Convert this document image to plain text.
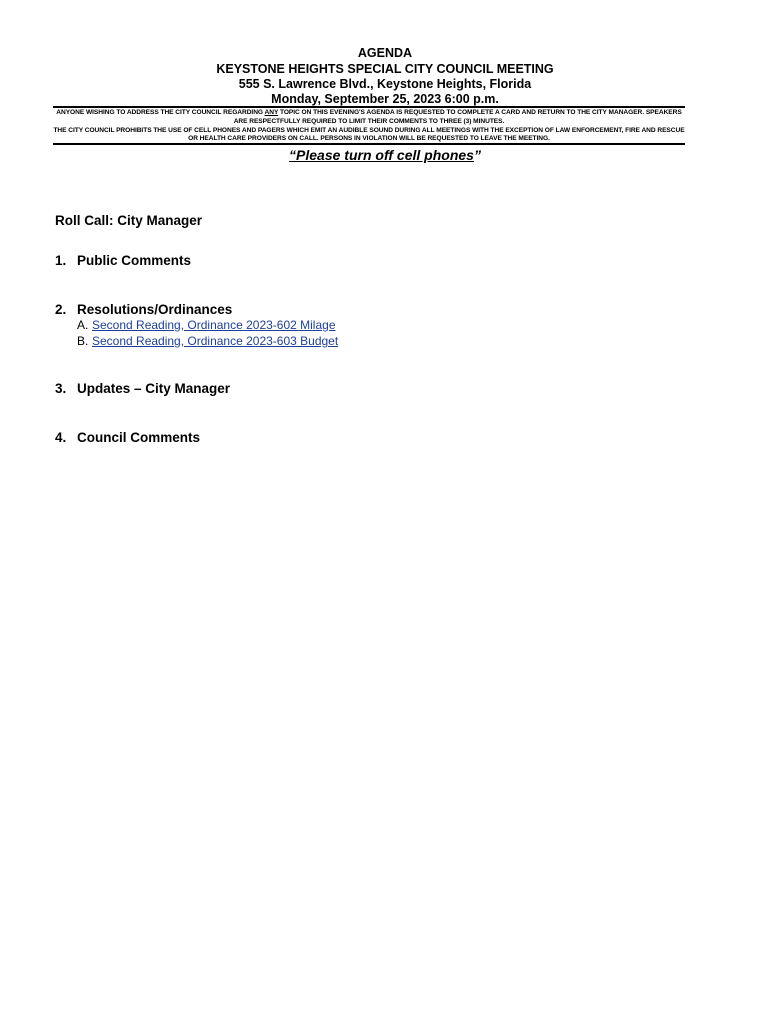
AGENDA
KEYSTONE HEIGHTS SPECIAL CITY COUNCIL MEETING
555 S. Lawrence Blvd., Keystone Heights, Florida
Monday, September 25, 2023 6:00 p.m.
ANYONE WISHING TO ADDRESS THE CITY COUNCIL REGARDING ANY TOPIC ON THIS EVENING'S AGENDA IS REQUESTED TO COMPLETE A CARD AND RETURN TO THE CITY MANAGER. SPEAKERS ARE RESPECTFULLY REQUIRED TO LIMIT THEIR COMMENTS TO THREE (3) MINUTES.
THE CITY COUNCIL PROHIBITS THE USE OF CELL PHONES AND PAGERS WHICH EMIT AN AUDIBLE SOUND DURING ALL MEETINGS WITH THE EXCEPTION OF LAW ENFORCEMENT, FIRE AND RESCUE OR HEALTH CARE PROVIDERS ON CALL. PERSONS IN VIOLATION WILL BE REQUESTED TO LEAVE THE MEETING.
“Please turn off cell phones”
Roll Call: City Manager
1. Public Comments
2. Resolutions/Ordinances
A. Second Reading, Ordinance 2023-602 Milage
B. Second Reading, Ordinance 2023-603 Budget
3. Updates – City Manager
4. Council Comments
